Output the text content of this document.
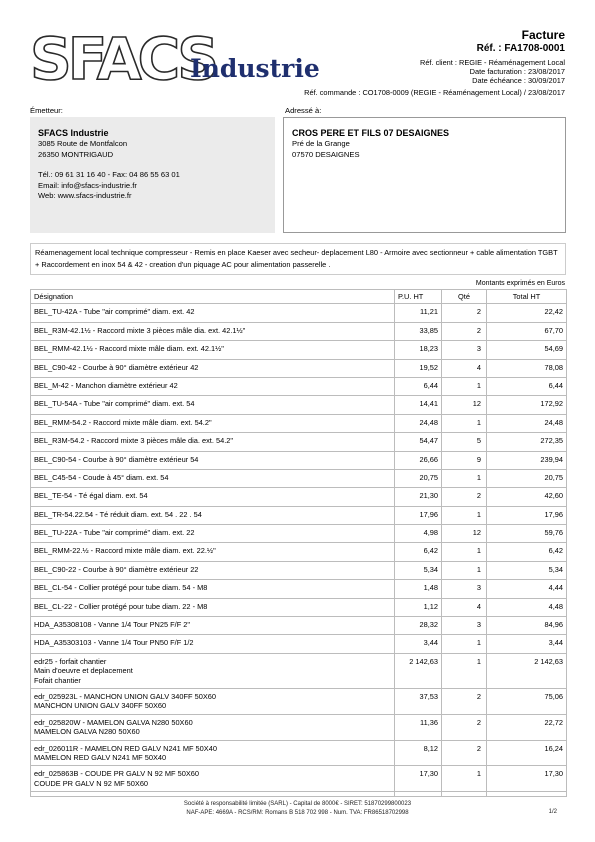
SFACS
Industrie
Facture
Réf. : FA1708-0001
Réf. client : REGIE - Réaménagement Local
Date facturation : 23/08/2017
Date échéance : 30/09/2017
Réf. commande : CO1708-0009 (REGIE - Réaménagement Local) / 23/08/2017
Émetteur:	Adressé à:
SFACS Industrie
3085 Route de Montfalcon
26350 MONTRIGAUD
Tél.: 09 61 31 16 40 - Fax: 04 86 55 63 01
Email: info@sfacs-industrie.fr
Web: www.sfacs-industrie.fr
CROS PERE ET FILS 07 DESAIGNES
Pré de la Grange
07570 DESAIGNES
Réamenagement local technique compresseur - Remis en place Kaeser avec secheur- deplacement L80 - Armoire avec sectionneur + cable alimentation TGBT + Raccordement en inox 54 & 42 - creation d'un piquage AC pour alimentation passerelle .
Montants exprimés en Euros
Désignation	P.U. HT	Qté	Total HT

BEL_TU-42A - Tube "air comprimé" diam. ext. 42	11,21	2	22,42

BEL_R3M-42.1½ - Raccord mixte 3 pièces mâle dia. ext. 42.1½"	33,85	2	67,70

BEL_RMM-42.1½ - Raccord mixte mâle diam. ext. 42.1½"	18,23	3	54,69

BEL_C90-42 - Courbe à 90° diamètre extérieur 42	19,52	4	78,08

BEL_M-42 - Manchon diamètre extérieur 42	6,44	1	6,44

BEL_TU-54A - Tube "air comprimé" diam. ext. 54	14,41	12	172,92

BEL_RMM-54.2 - Raccord mixte mâle diam. ext. 54.2"	24,48	1	24,48

BEL_R3M-54.2 - Raccord mixte 3 pièces mâle dia. ext. 54.2"	54,47	5	272,35

BEL_C90-54 - Courbe à 90° diamètre extérieur 54	26,66	9	239,94

BEL_C45-54 - Coude à 45° diam. ext. 54	20,75	1	20,75

BEL_TE-54 - Té égal diam. ext. 54	21,30	2	42,60

BEL_TR-54.22.54 - Té réduit diam. ext. 54 . 22 . 54	17,96	1	17,96

BEL_TU-22A - Tube "air comprimé" diam. ext. 22	4,98	12	59,76

BEL_RMM-22.½ - Raccord mixte mâle diam. ext. 22.½"	6,42	1	6,42

BEL_C90-22 - Courbe à 90° diamètre extérieur 22	5,34	1	5,34

BEL_CL-54 - Collier protégé pour tube diam. 54 - M8	1,48	3	4,44

BEL_CL-22 - Collier protégé pour tube diam. 22 - M8	1,12	4	4,48

HDA_A35308108 - Vanne 1/4 Tour PN25 F/F 2"	28,32	3	84,96

HDA_A35303103 - Vanne 1/4 Tour PN50 F/F 1/2	3,44	1	3,44

edr25 - forfait chantier
Main d'oeuvre et deplacement
Fofait chantier	2 142,63	1	2 142,63

edr_025923L - MANCHON UNION GALV 340FF 50X60
MANCHON UNION GALV 340FF 50X60	37,53	2	75,06

edr_025820W - MAMELON GALVA N280 50X60
MAMELON GALVA N280 50X60	11,36	2	22,72

edr_026011R - MAMELON RED GALV N241 MF 50X40
MAMELON RED GALV N241 MF 50X40	8,12	2	16,24

edr_025863B - COUDE PR GALV N 92 MF 50X60
COUDE PR GALV N 92 MF 50X60	17,30	1	17,30

Société à responsabilité limitée (SARL) - Capital de 8000€ - SIRET: 51870299800023
NAF-APE: 4669A - RCS/RM: Romans B 518 702 998 - Num. TVA: FR86518702998	1/2
